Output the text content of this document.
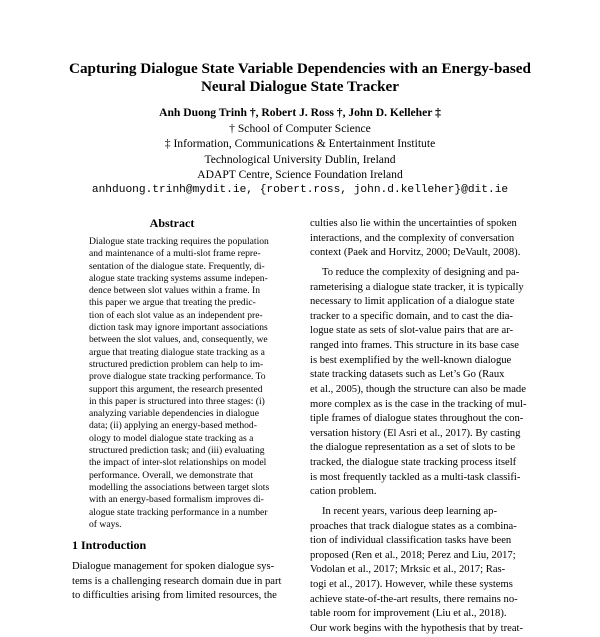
Capturing Dialogue State Variable Dependencies with an Energy-based
Neural Dialogue State Tracker
Anh Duong Trinh †, Robert J. Ross †, John D. Kelleher ‡
† School of Computer Science
‡ Information, Communications & Entertainment Institute
Technological University Dublin, Ireland
ADAPT Centre, Science Foundation Ireland
anhduong.trinh@mydit.ie, {robert.ross, john.d.kelleher}@dit.ie
Abstract
Dialogue state tracking requires the population
and maintenance of a multi-slot frame repre-
sentation of the dialogue state. Frequently, di-
alogue state tracking systems assume indepen-
dence between slot values within a frame. In
this paper we argue that treating the predic-
tion of each slot value as an independent pre-
diction task may ignore important associations
between the slot values, and, consequently, we
argue that treating dialogue state tracking as a
structured prediction problem can help to im-
prove dialogue state tracking performance. To
support this argument, the research presented
in this paper is structured into three stages: (i)
analyzing variable dependencies in dialogue
data; (ii) applying an energy-based method-
ology to model dialogue state tracking as a
structured prediction task; and (iii) evaluating
the impact of inter-slot relationships on model
performance. Overall, we demonstrate that
modelling the associations between target slots
with an energy-based formalism improves di-
alogue state tracking performance in a number
of ways.
1 Introduction
Dialogue management for spoken dialogue sys-
tems is a challenging research domain due in part
to difficulties arising from limited resources, the
culties also lie within the uncertainties of spoken
interactions, and the complexity of conversation
context (Paek and Horvitz, 2000; DeVault, 2008).
To reduce the complexity of designing and pa-
rameterising a dialogue state tracker, it is typically
necessary to limit application of a dialogue state
tracker to a specific domain, and to cast the dia-
logue state as sets of slot-value pairs that are ar-
ranged into frames. This structure in its base case
is best exemplified by the well-known dialogue
state tracking datasets such as Let’s Go (Raux
et al., 2005), though the structure can also be made
more complex as is the case in the tracking of mul-
tiple frames of dialogue states throughout the con-
versation history (El Asri et al., 2017). By casting
the dialogue representation as a set of slots to be
tracked, the dialogue state tracking process itself
is most frequently tackled as a multi-task classifi-
cation problem.
In recent years, various deep learning ap-
proaches that track dialogue states as a combina-
tion of individual classification tasks have been
proposed (Ren et al., 2018; Perez and Liu, 2017;
Vodolan et al., 2017; Mrksic et al., 2017; Ras-
togi et al., 2017). However, while these systems
achieve state-of-the-art results, there remains no-
table room for improvement (Liu et al., 2018).
Our work begins with the hypothesis that by treat-
